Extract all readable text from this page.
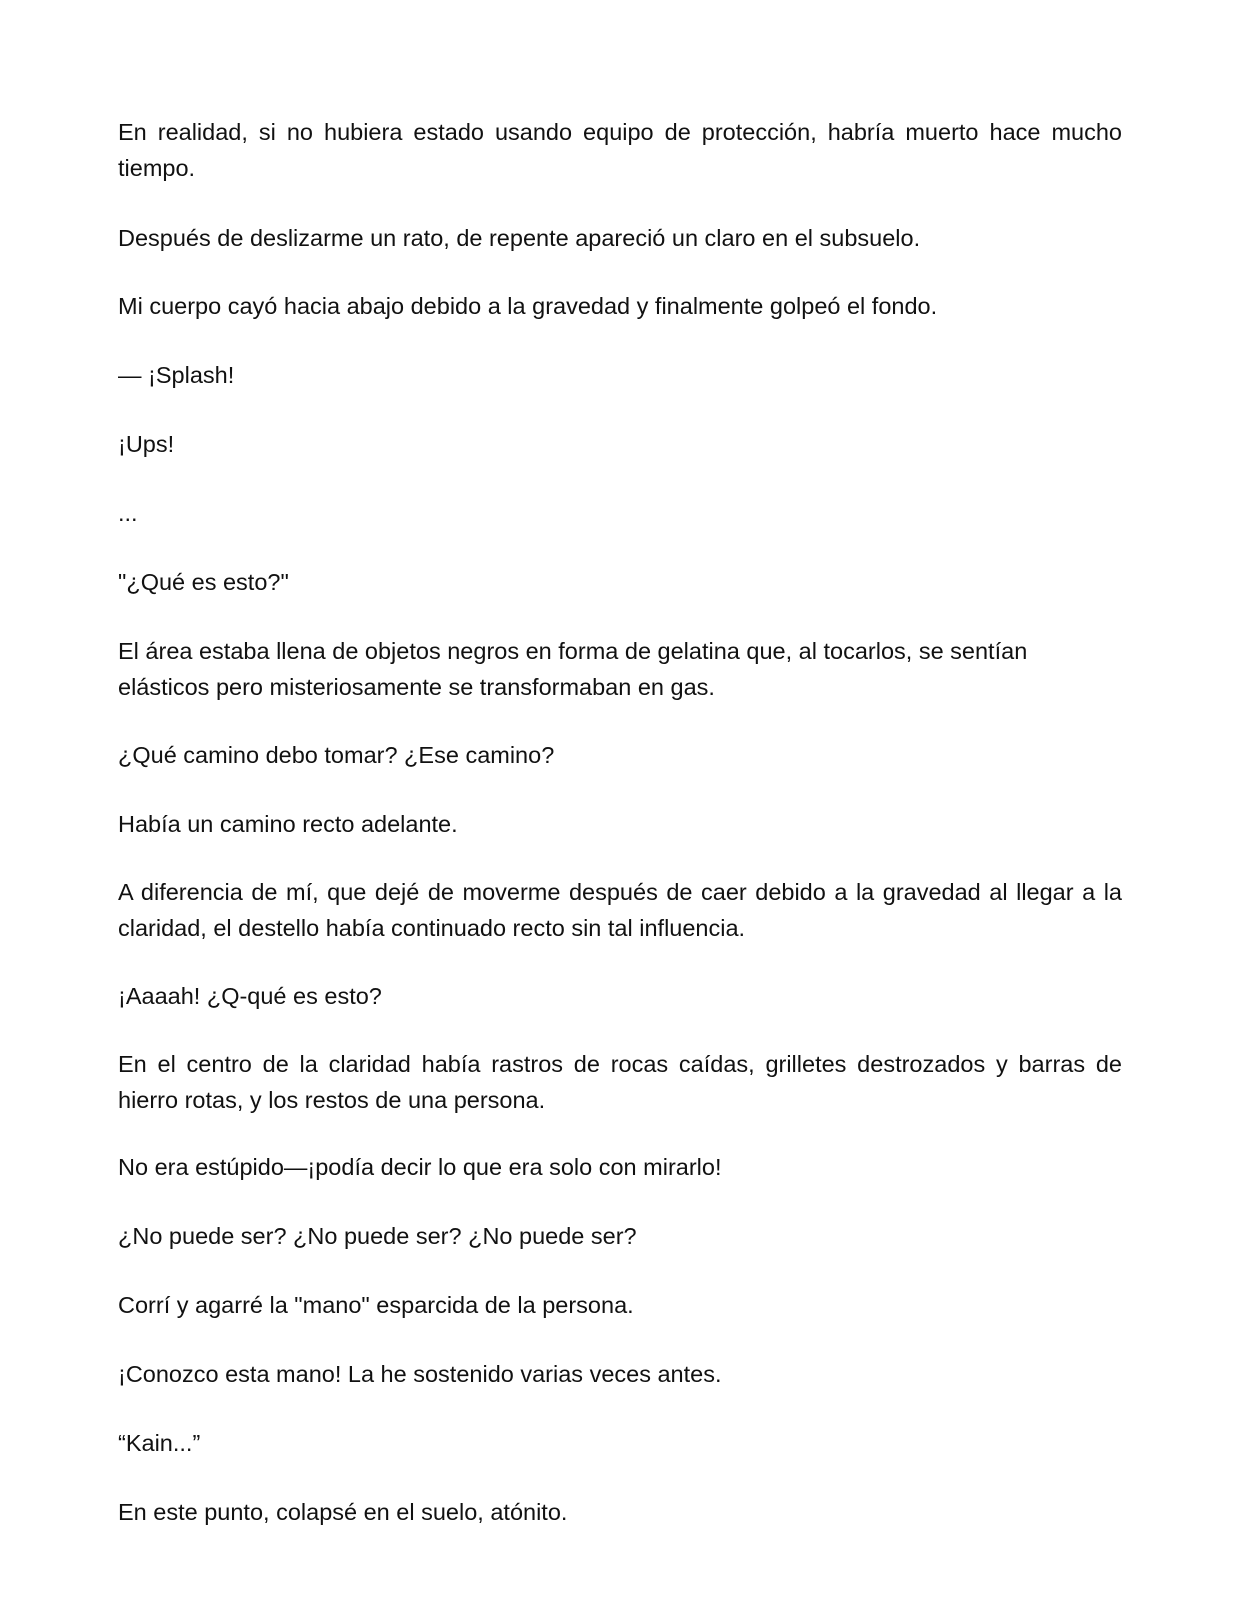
En realidad, si no hubiera estado usando equipo de protección, habría muerto hace mucho tiempo.

Después de deslizarme un rato, de repente apareció un claro en el subsuelo.

Mi cuerpo cayó hacia abajo debido a la gravedad y finalmente golpeó el fondo.

— ¡Splash!

¡Ups!

...

"¿Qué es esto?"

El área estaba llena de objetos negros en forma de gelatina que, al tocarlos, se sentían elásticos pero misteriosamente se transformaban en gas.

¿Qué camino debo tomar? ¿Ese camino?

Había un camino recto adelante.

A diferencia de mí, que dejé de moverme después de caer debido a la gravedad al llegar a la claridad, el destello había continuado recto sin tal influencia.

¡Aaaah! ¿Q-qué es esto?

En el centro de la claridad había rastros de rocas caídas, grilletes destrozados y barras de hierro rotas, y los restos de una persona.

No era estúpido—¡podía decir lo que era solo con mirarlo!

¿No puede ser? ¿No puede ser? ¿No puede ser?

Corrí y agarré la "mano" esparcida de la persona.

¡Conozco esta mano! La he sostenido varias veces antes.

“Kain...”

En este punto, colapsé en el suelo, atónito.
